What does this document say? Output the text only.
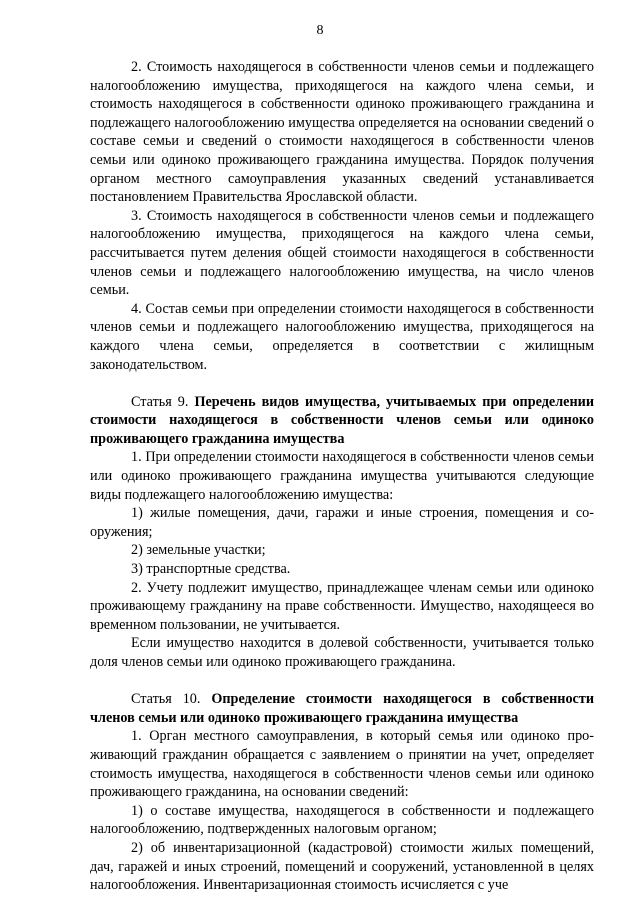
8

2. Стоимость находящегося в собственности членов семьи и подлежащего налогообложению имущества, приходящегося на каждого члена семьи, и стоимость находящегося в собственности одиноко проживающего гражданина и подлежащего налогообложению имущества определяется на основании сведений о составе семьи и сведений о стоимости находящегося в собственности членов семьи или одиноко проживающего гражданина имущества. Порядок получения органом местного самоуправления указанных сведений устанавливается постановлением Правительства Ярославской области.

3. Стоимость находящегося в собственности членов семьи и подлежащего налогообложению имущества, приходящегося на каждого члена семьи, рассчитывается путем деления общей стоимости находящегося в собственности членов семьи и подлежащего налогообложению имущества, на число членов семьи.

4. Состав семьи при определении стоимости находящегося в собственности членов семьи и подлежащего налогообложению имущества, приходящегося на каждого члена семьи, определяется в соответствии с жилищным законодательством.

Статья 9. Перечень видов имущества, учитываемых при определении стоимости находящегося в собственности членов семьи или одиноко проживающего гражданина имущества

1. При определении стоимости находящегося в собственности членов семьи или одиноко проживающего гражданина имущества учитываются следующие виды подлежащего налогообложению имущества:

1) жилые помещения, дачи, гаражи и иные строения, помещения и сооружения;

2) земельные участки;

3) транспортные средства.

2. Учету подлежит имущество, принадлежащее членам семьи или одиноко проживающему гражданину на праве собственности. Имущество, находящееся во временном пользовании, не учитывается.

Если имущество находится в долевой собственности, учитывается только доля членов семьи или одиноко проживающего гражданина.

Статья 10. Определение стоимости находящегося в собственности членов семьи или одиноко проживающего гражданина имущества

1. Орган местного самоуправления, в который семья или одиноко проживающий гражданин обращается с заявлением о принятии на учет, определяет стоимость имущества, находящегося в собственности членов семьи или одиноко проживающего гражданина, на основании сведений:

1) о составе имущества, находящегося в собственности и подлежащего налогообложению, подтвержденных налоговым органом;

2) об инвентаризационной (кадастровой) стоимости жилых помещений, дач, гаражей и иных строений, помещений и сооружений, установленной в целях налогообложения. Инвентаризационная стоимость исчисляется с уче
